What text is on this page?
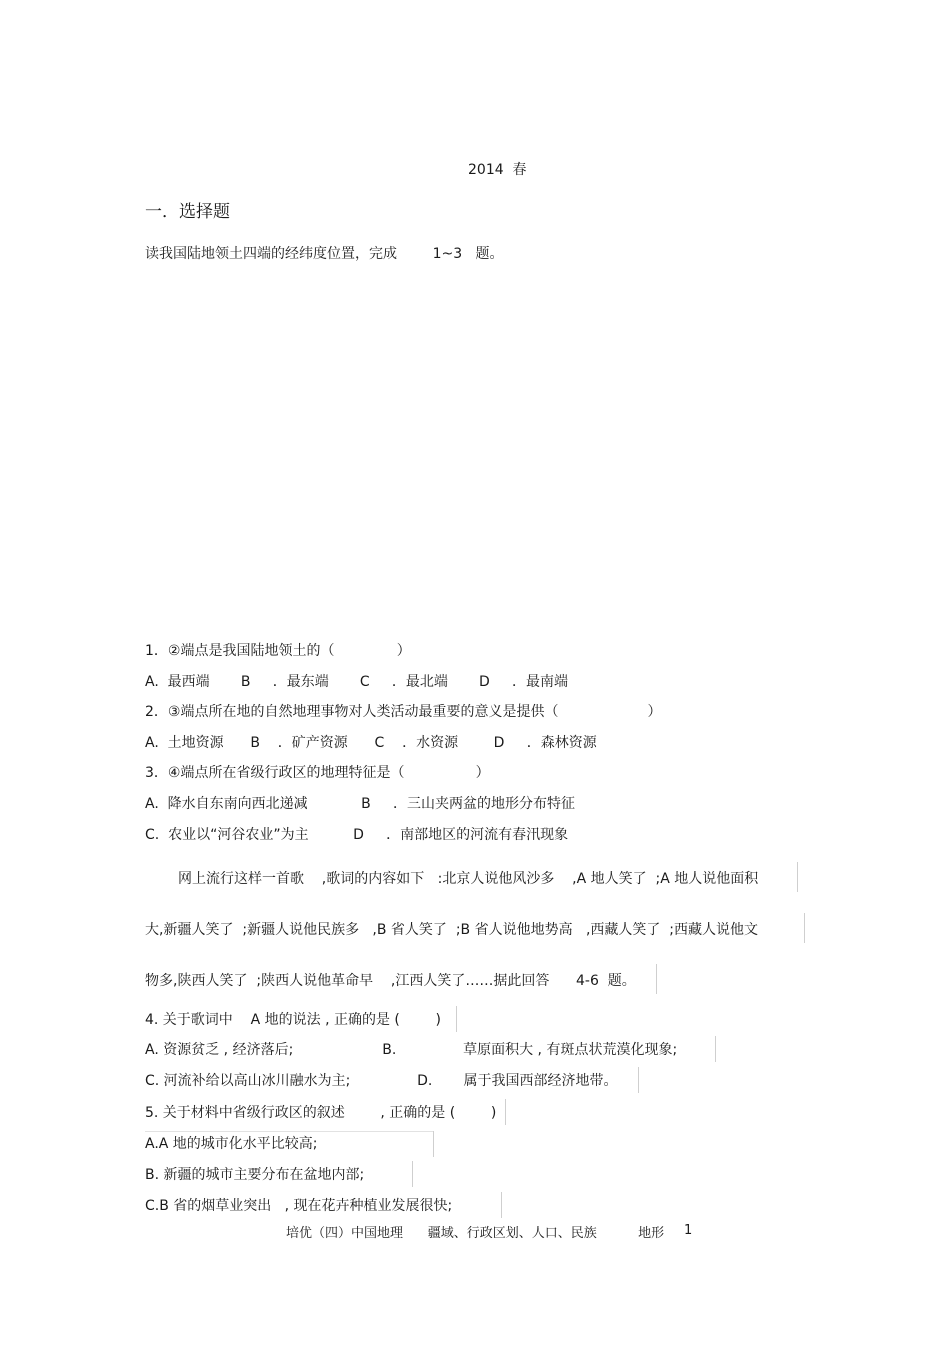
2014  春
一．选择题
读我国陆地领土四端的经纬度位置，完成        1~3   题。
1．②端点是我国陆地领土的（              ）
A.  最西端       B     ．最东端       C     ．最北端       D     ．最南端
2．③端点所在地的自然地理事物对人类活动最重要的意义是提供（                    ）
A.  土地资源      B    ．矿产资源      C    ．水资源        D     ．森林资源
3．④端点所在省级行政区的地理特征是（                ）
A.  降水自东南向西北递减            B     ．三山夹两盆的地形分布特征
C.  农业以“河谷农业”为主          D     ．南部地区的河流有春汛现象
网上流行这样一首歌    ,歌词的内容如下   :北京人说他风沙多    ,A 地人笑了  ;A 地人说他面积
大,新疆人笑了  ;新疆人说他民族多   ,B 省人笑了  ;B 省人说他地势高   ,西藏人笑了  ;西藏人说他文
物多,陕西人笑了  ;陕西人说他革命早    ,江西人笑了……据此回答      4-6  题。
4. 关于歌词中    A 地的说法 , 正确的是 (        )
A. 资源贫乏 , 经济落后;                    B.               草原面积大 , 有斑点状荒漠化现象;
C. 河流补给以高山冰川融水为主;               D.       属于我国西部经济地带。
5. 关于材料中省级行政区的叙述        , 正确的是 (        )
A.A 地的城市化水平比较高;
B. 新疆的城市主要分布在盆地内部;
C.B 省的烟草业突出   , 现在花卉种植业发展很快;
培优（四）中国地理      疆域、行政区划、人口、民族          地形 1
